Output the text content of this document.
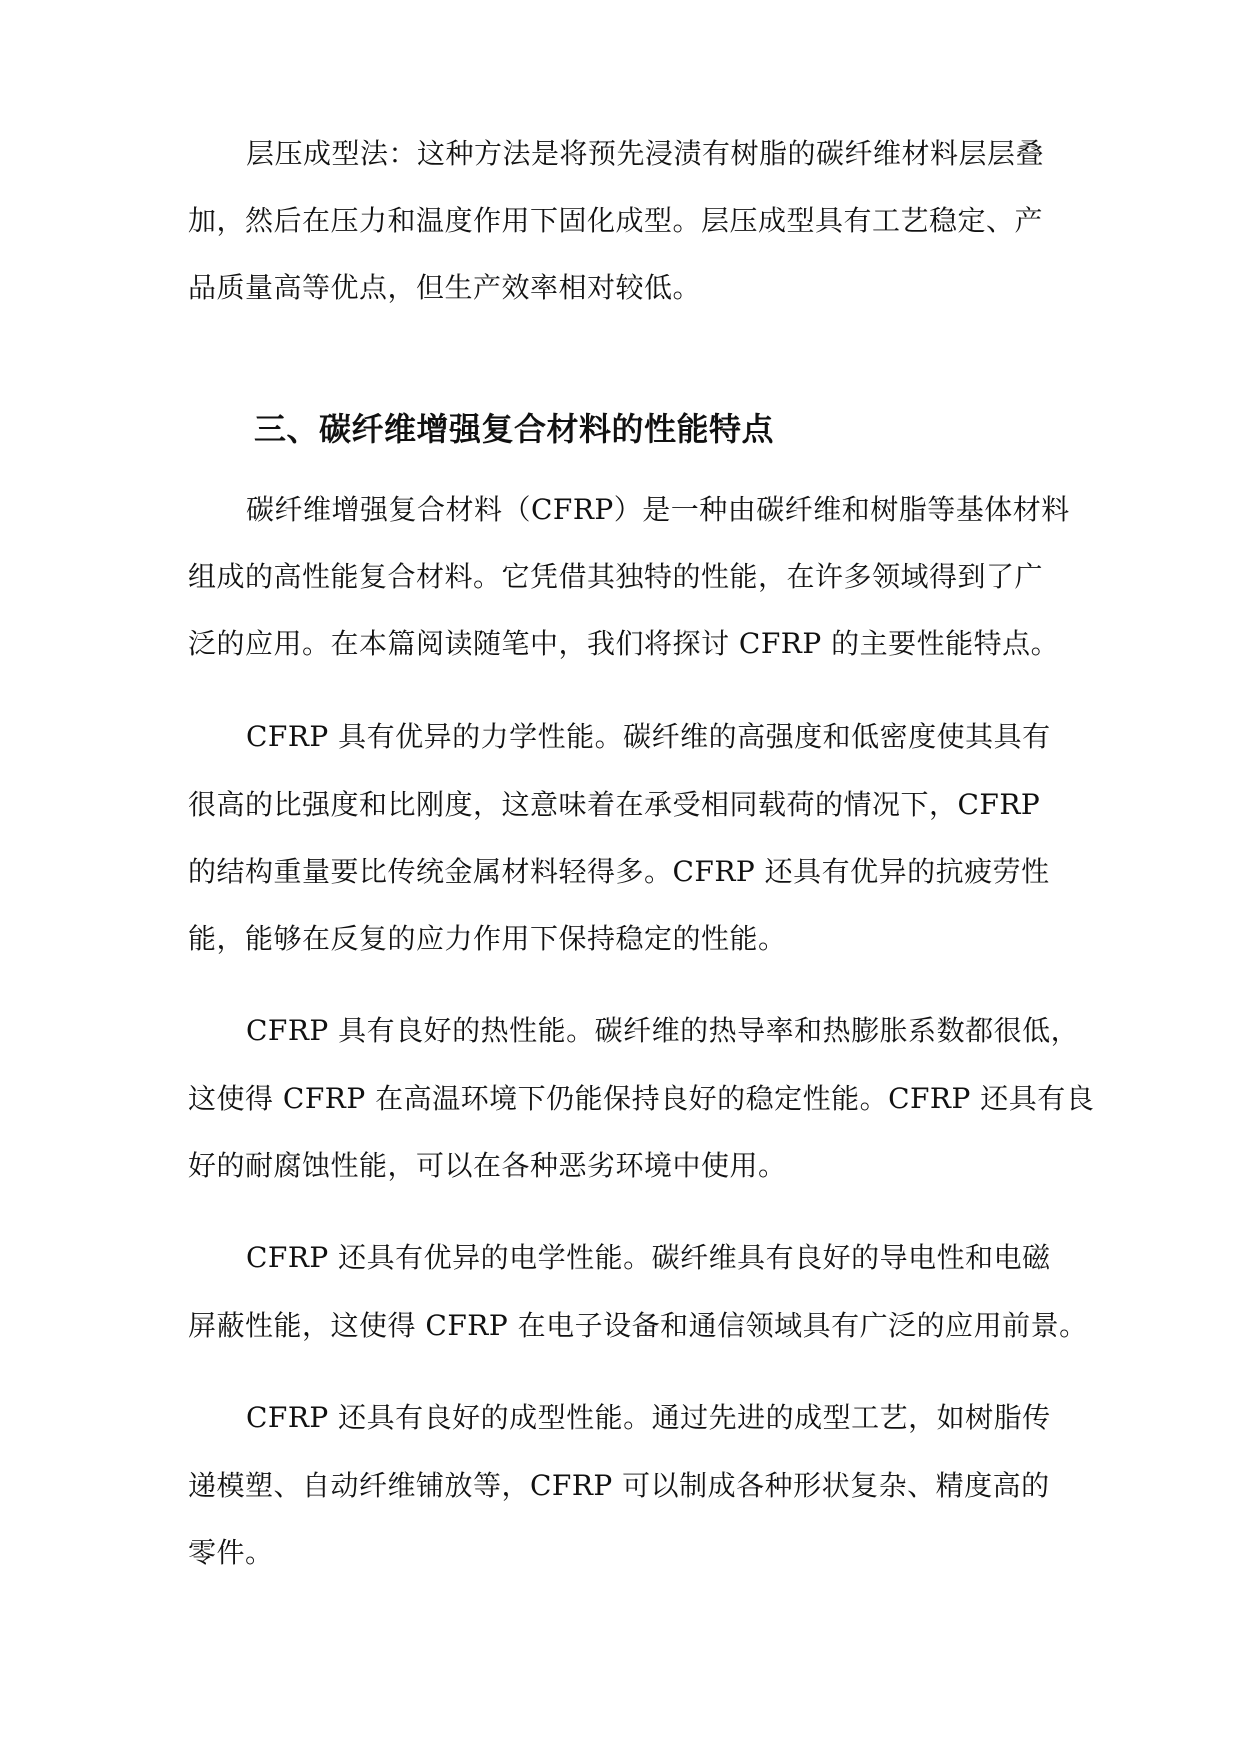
层压成型法：这种方法是将预先浸渍有树脂的碳纤维材料层层叠
加，然后在压力和温度作用下固化成型。层压成型具有工艺稳定、产
品质量高等优点，但生产效率相对较低。
三、碳纤维增强复合材料的性能特点
碳纤维增强复合材料（CFRP）是一种由碳纤维和树脂等基体材料
组成的高性能复合材料。它凭借其独特的性能，在许多领域得到了广
泛的应用。在本篇阅读随笔中，我们将探讨 CFRP 的主要性能特点。
CFRP 具有优异的力学性能。碳纤维的高强度和低密度使其具有
很高的比强度和比刚度，这意味着在承受相同载荷的情况下，CFRP
的结构重量要比传统金属材料轻得多。CFRP 还具有优异的抗疲劳性
能，能够在反复的应力作用下保持稳定的性能。
CFRP 具有良好的热性能。碳纤维的热导率和热膨胀系数都很低，
这使得 CFRP 在高温环境下仍能保持良好的稳定性能。CFRP 还具有良
好的耐腐蚀性能，可以在各种恶劣环境中使用。
CFRP 还具有优异的电学性能。碳纤维具有良好的导电性和电磁
屏蔽性能，这使得 CFRP 在电子设备和通信领域具有广泛的应用前景。
CFRP 还具有良好的成型性能。通过先进的成型工艺，如树脂传
递模塑、自动纤维铺放等，CFRP 可以制成各种形状复杂、精度高的
零件。
